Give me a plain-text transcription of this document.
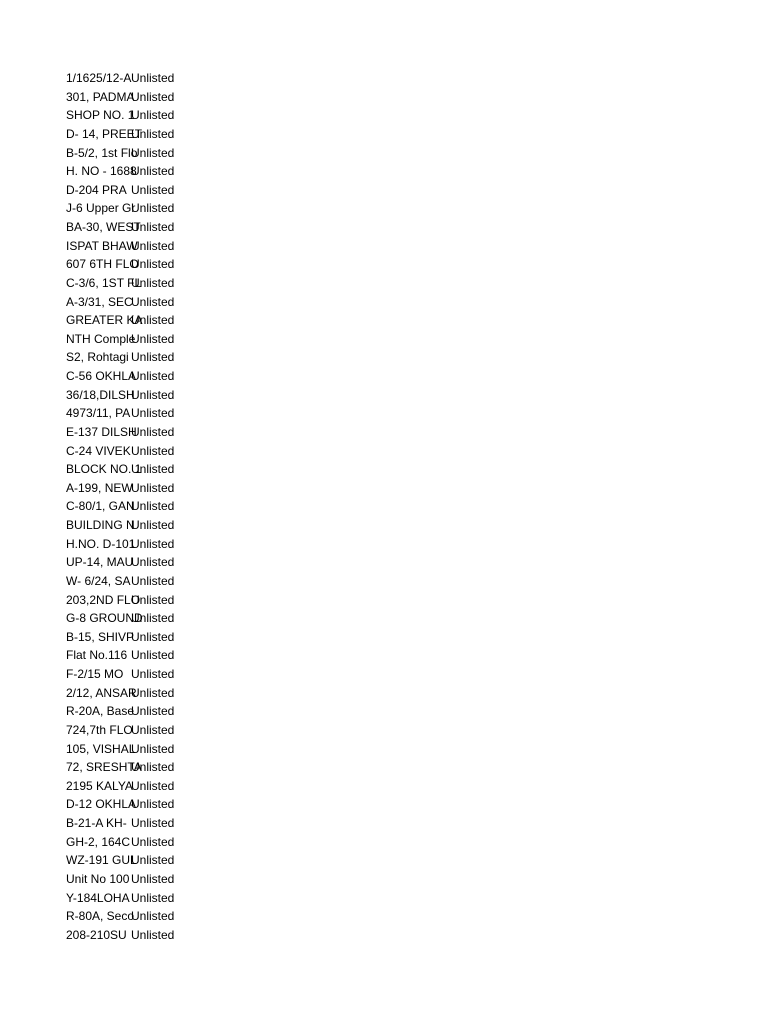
1/1625/12-A Unlisted
301, PADMA
Unlisted
SHOP NO. 1
Unlisted
D- 14, PREET
Unlisted
B-5/2, 1st Flo
Unlisted
H. NO - 1688
Unlisted
D-204 PRA Unlisted
J-6 Upper Gr
Unlisted
BA-30, WEST
Unlisted
ISPAT BHAW
Unlisted
607 6TH FLO
Unlisted
C-3/6, 1ST FL
Unlisted
A-3/31, SEC
Unlisted
GREATER KA
Unlisted
NTH Comple
Unlisted
S2, Rohtagi Unlisted
C-56 OKHLA
Unlisted
36/18,DILSH
Unlisted
4973/11, PA Unlisted
E-137 DILSH
Unlisted
C-24 VIVEK Unlisted
BLOCK NO. 1
Unlisted
A-199, NEW
Unlisted
C-80/1, GAN
Unlisted
BUILDING N
Unlisted
H.NO. D-101
Unlisted
UP-14, MAU
Unlisted
W- 6/24, SA Unlisted
203,2ND FLO
Unlisted
G-8 GROUND
Unlisted
B-15, SHIVP
Unlisted
Flat No.116 Unlisted
F-2/15 MO Unlisted
2/12, ANSAR
Unlisted
R-20A, Base
Unlisted
724,7th FLO
Unlisted
105, VISHAL
Unlisted
72, SRESHTA
Unlisted
2195 KALYA
Unlisted
D-12 OKHLA
Unlisted
B-21-A KH- Unlisted
GH-2, 164C Unlisted
WZ-191 GUL
Unlisted
Unit No 100 Unlisted
Y-184LOHA Unlisted
R-80A, Seco
Unlisted
208-210SU Unlisted
